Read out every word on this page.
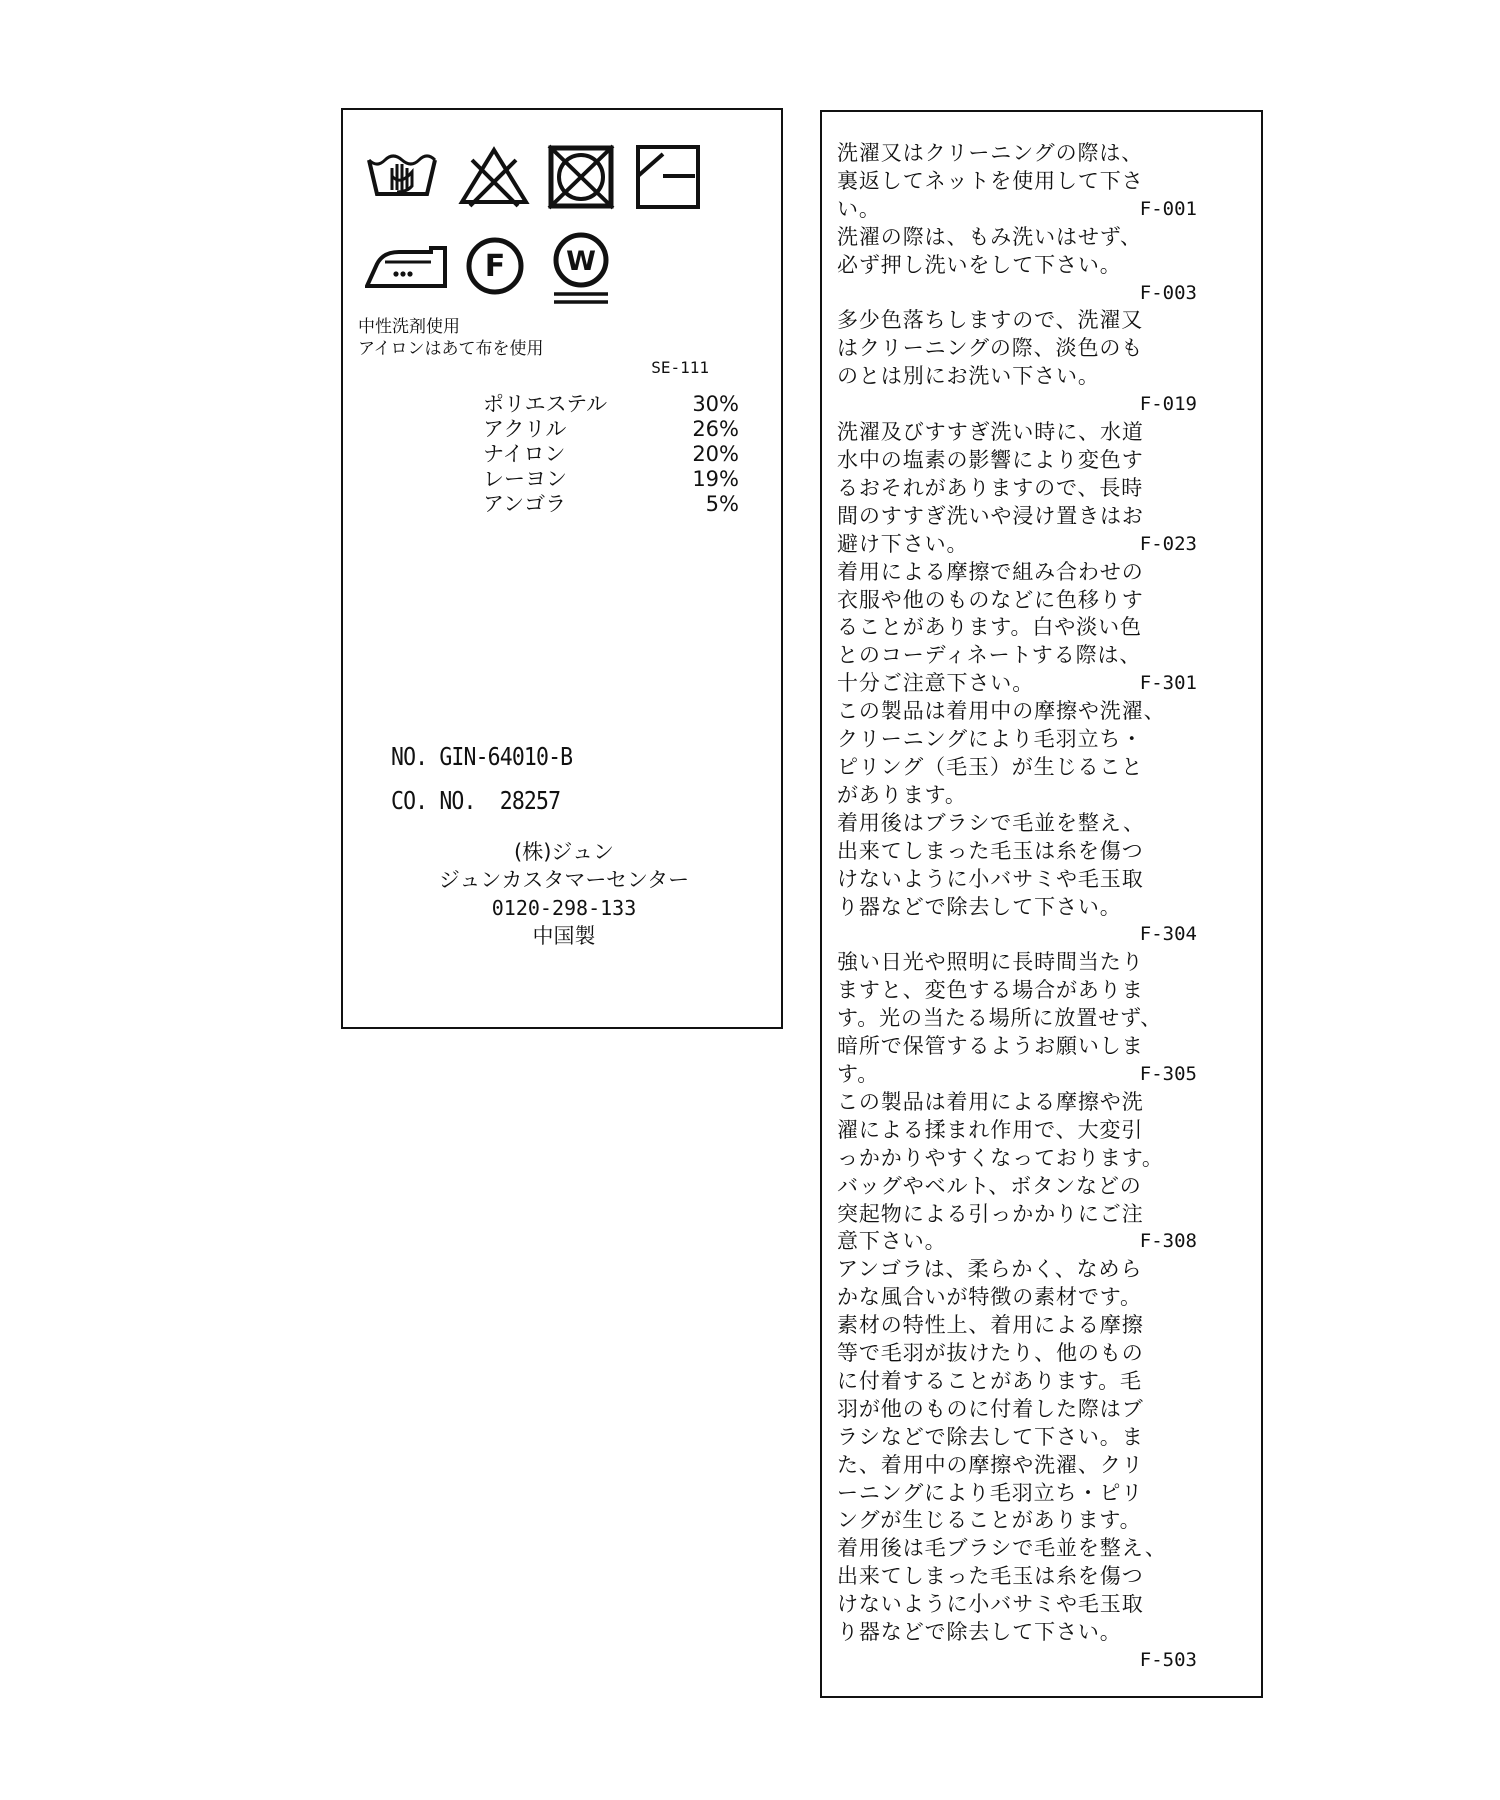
F W
中性洗剤使用
アイロンはあて布を使用
SE-111
ポリエステル	30%
アクリル	26%
ナイロン	20%
レーヨン	19%
アンゴラ	5%
NO. GIN-64010-B
CO. NO.  28257
(株)ジュン
ジュンカスタマーセンター
0120-298-133
中国製
洗濯又はクリーニングの際は、
裏返してネットを使用して下さ
い。	F-001
洗濯の際は、もみ洗いはせず、
必ず押し洗いをして下さい。
F-003
多少色落ちしますので、洗濯又
はクリーニングの際、淡色のも
のとは別にお洗い下さい。
F-019
洗濯及びすすぎ洗い時に、水道
水中の塩素の影響により変色す
るおそれがありますので、長時
間のすすぎ洗いや浸け置きはお
避け下さい。	F-023
着用による摩擦で組み合わせの
衣服や他のものなどに色移りす
ることがあります。白や淡い色
とのコーディネートする際は、
十分ご注意下さい。	F-301
この製品は着用中の摩擦や洗濯、
クリーニングにより毛羽立ち・
ピリング（毛玉）が生じること
があります。
着用後はブラシで毛並を整え、
出来てしまった毛玉は糸を傷つ
けないように小バサミや毛玉取
り器などで除去して下さい。
F-304
強い日光や照明に長時間当たり
ますと、変色する場合がありま
す。光の当たる場所に放置せず、
暗所で保管するようお願いしま
す。	F-305
この製品は着用による摩擦や洗
濯による揉まれ作用で、大変引
っかかりやすくなっております。
バッグやベルト、ボタンなどの
突起物による引っかかりにご注
意下さい。	F-308
アンゴラは、柔らかく、なめら
かな風合いが特徴の素材です。
素材の特性上、着用による摩擦
等で毛羽が抜けたり、他のもの
に付着することがあります。毛
羽が他のものに付着した際はブ
ラシなどで除去して下さい。ま
た、着用中の摩擦や洗濯、クリ
ーニングにより毛羽立ち・ピリ
ングが生じることがあります。
着用後は毛ブラシで毛並を整え、
出来てしまった毛玉は糸を傷つ
けないように小バサミや毛玉取
り器などで除去して下さい。
F-503
